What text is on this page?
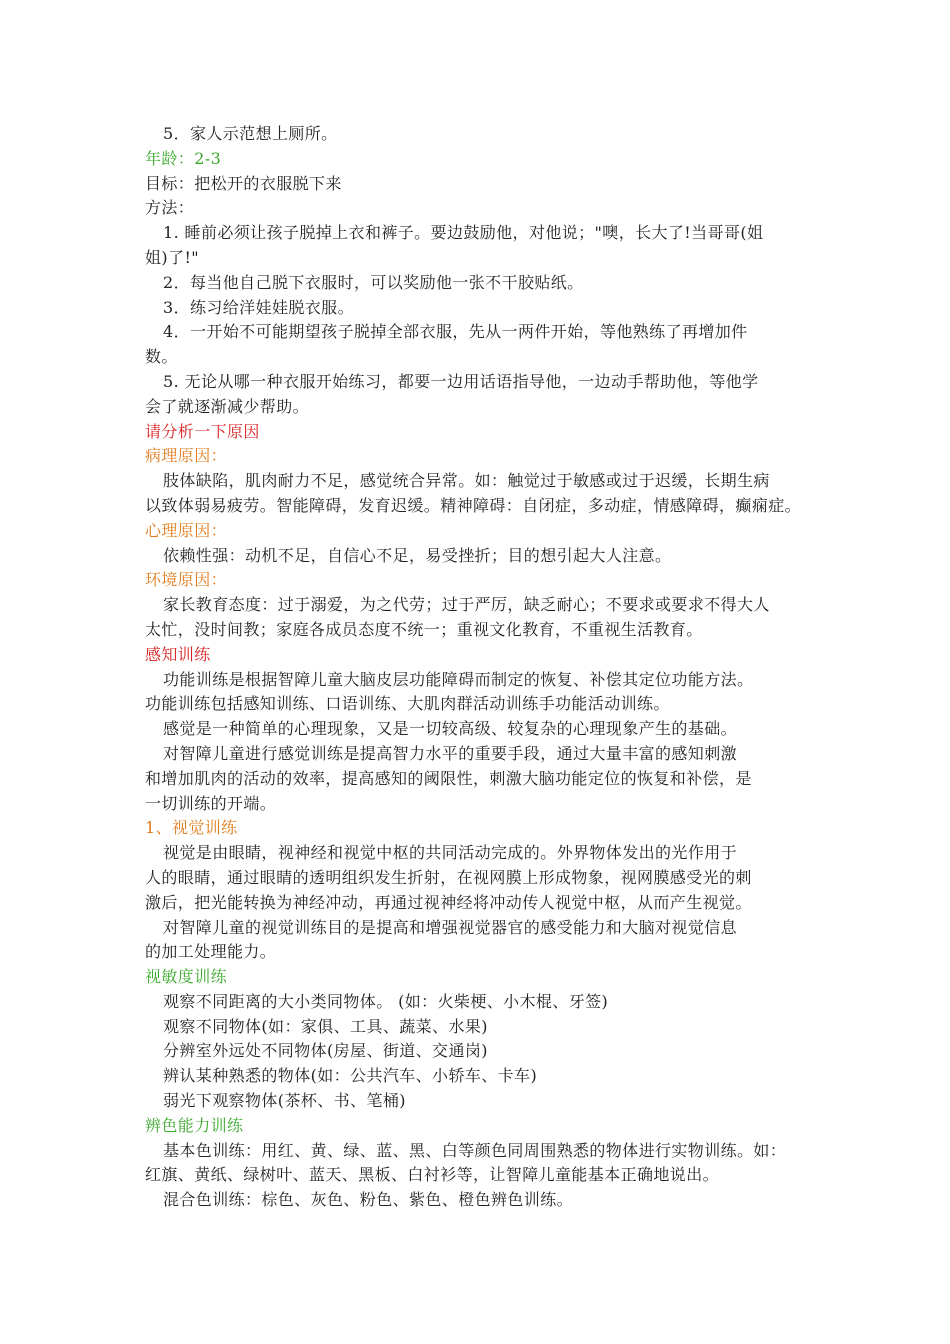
5．家人示范想上厕所。
年龄：2-3
目标：把松开的衣服脱下来
方法：
1. 睡前必须让孩子脱掉上衣和裤子。要边鼓励他，对他说；"噢，长大了!当哥哥(姐
姐)了!"
2．每当他自己脱下衣服时，可以奖励他一张不干胶贴纸。
3．练习给洋娃娃脱衣服。
4．一开始不可能期望孩子脱掉全部衣服，先从一两件开始，等他熟练了再增加件
数。
5. 无论从哪一种衣服开始练习，都要一边用话语指导他，一边动手帮助他，等他学
会了就逐渐减少帮助。
请分析一下原因
病理原因：
肢体缺陷，肌肉耐力不足，感觉统合异常。如：触觉过于敏感或过于迟缓，长期生病
以致体弱易疲劳。智能障碍，发育迟缓。精神障碍：自闭症，多动症，情感障碍，癫痫症。
心理原因：
依赖性强：动机不足，自信心不足，易受挫折；目的想引起大人注意。
环境原因：
家长教育态度：过于溺爱，为之代劳；过于严厉，缺乏耐心；不要求或要求不得大人
太忙，没时间教；家庭各成员态度不统一；重视文化教育，不重视生活教育。
感知训练
功能训练是根据智障儿童大脑皮层功能障碍而制定的恢复、补偿其定位功能方法。
功能训练包括感知训练、口语训练、大肌肉群活动训练手功能活动训练。
感觉是一种简单的心理现象，又是一切较高级、较复杂的心理现象产生的基础。
对智障儿童进行感觉训练是提高智力水平的重要手段，通过大量丰富的感知刺激
和增加肌肉的活动的效率，提高感知的阈限性，刺激大脑功能定位的恢复和补偿，是
一切训练的开端。
1、视觉训练
视觉是由眼睛，视神经和视觉中枢的共同活动完成的。外界物体发出的光作用于
人的眼睛，通过眼睛的透明组织发生折射，在视网膜上形成物象，视网膜感受光的刺
激后，把光能转换为神经冲动，再通过视神经将冲动传人视觉中枢，从而产生视觉。
对智障儿童的视觉训练目的是提高和增强视觉器官的感受能力和大脑对视觉信息
的加工处理能力。
视敏度训练
观察不同距离的大小类同物体。 (如：火柴梗、小木棍、牙签)
观察不同物体(如：家俱、工具、蔬菜、水果)
分辨室外远处不同物体(房屋、街道、交通岗)
辨认某种熟悉的物体(如：公共汽车、小轿车、卡车)
弱光下观察物体(茶杯、书、笔桶)
辨色能力训练
基本色训练：用红、黄、绿、蓝、黑、白等颜色同周围熟悉的物体进行实物训练。如：
红旗、黄纸、绿树叶、蓝天、黑板、白衬衫等，让智障儿童能基本正确地说出。
混合色训练：棕色、灰色、粉色、紫色、橙色辨色训练。
